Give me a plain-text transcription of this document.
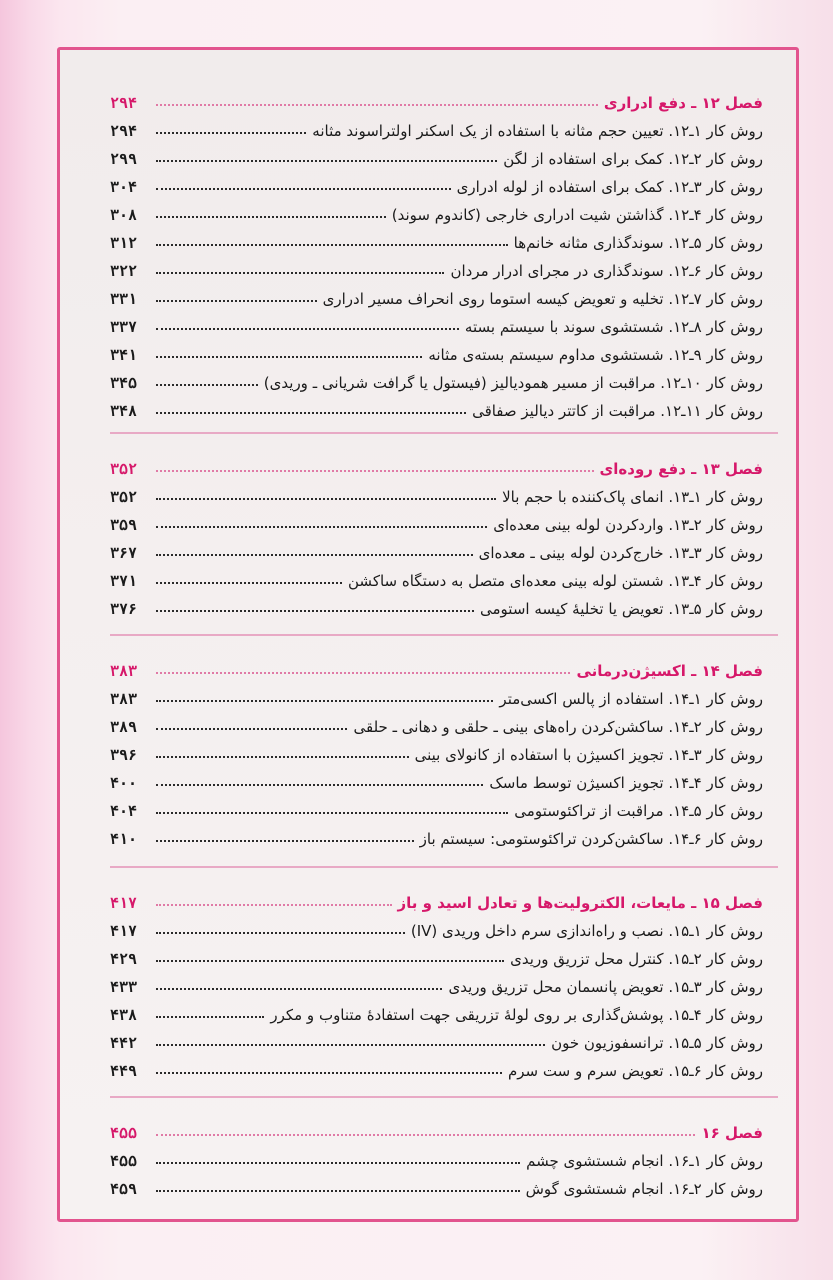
فصل ۱۲ ـ دفع ادراری
۲۹۴
روش کار ۱ـ۱۲. تعیین حجم مثانه با استفاده از یک اسکنر اولتراسوند مثانه
۲۹۴
روش کار ۲ـ۱۲. کمک برای استفاده از لگن
۲۹۹
روش کار ۳ـ۱۲. کمک برای استفاده از لوله ادراری
۳۰۴
روش کار ۴ـ۱۲. گذاشتن شیت ادراری خارجی (کاندوم سوند)
۳۰۸
روش کار ۵ـ۱۲. سوندگذاری مثانه خانم‌ها
۳۱۲
روش کار ۶ـ۱۲. سوندگذاری در مجرای ادرار مردان
۳۲۲
روش کار ۷ـ۱۲. تخلیه و تعویض کیسه استوما روی انحراف مسیر ادراری
۳۳۱
روش کار ۸ـ۱۲. شستشوی سوند با سیستم بسته
۳۳۷
روش کار ۹ـ۱۲. شستشوی مداوم سیستم بسته‌ی مثانه
۳۴۱
روش کار ۱۰ـ۱۲. مراقبت از مسیر همودیالیز (فیستول یا گرافت شریانی ـ وریدی)
۳۴۵
روش کار ۱۱ـ۱۲. مراقبت از کاتتر دیالیز صفاقی
۳۴۸
فصل ۱۳ ـ دفع روده‌ای
۳۵۲
روش کار ۱ـ۱۳. انمای پاک‌کننده با حجم بالا
۳۵۲
روش کار ۲ـ۱۳. واردکردن لوله بینی معده‌ای
۳۵۹
روش کار ۳ـ۱۳. خارج‌کردن لوله بینی ـ معده‌ای
۳۶۷
روش کار ۴ـ۱۳. شستن لوله بینی معده‌ای متصل به دستگاه ساکشن
۳۷۱
روش کار ۵ـ۱۳. تعویض یا تخلیهٔ کیسه استومی
۳۷۶
فصل ۱۴ ـ اکسیژن‌درمانی
۳۸۳
روش کار ۱ـ۱۴. استفاده از پالس اکسی‌متر
۳۸۳
روش کار ۲ـ۱۴. ساکشن‌کردن راه‌های بینی ـ حلقی و دهانی ـ حلقی
۳۸۹
روش کار ۳ـ۱۴. تجویز اکسیژن با استفاده از کانولای بینی
۳۹۶
روش کار ۴ـ۱۴. تجویز اکسیژن توسط ماسک
۴۰۰
روش کار ۵ـ۱۴. مراقبت از تراکئوستومی
۴۰۴
روش کار ۶ـ۱۴. ساکشن‌کردن تراکئوستومی: سیستم باز
۴۱۰
فصل ۱۵ ـ مایعات، الکترولیت‌ها و تعادل اسید و باز
۴۱۷
روش کار ۱ـ۱۵. نصب و راه‌اندازی سرم داخل وریدی (IV)
۴۱۷
روش کار ۲ـ۱۵. کنترل محل تزریق وریدی
۴۲۹
روش کار ۳ـ۱۵. تعویض پانسمان محل تزریق وریدی
۴۳۳
روش کار ۴ـ۱۵. پوشش‌گذاری بر روی لولهٔ تزریقی جهت استفادهٔ متناوب و مکرر
۴۳۸
روش کار ۵ـ۱۵. ترانسفوزیون خون
۴۴۲
روش کار ۶ـ۱۵. تعویض سرم و ست سرم
۴۴۹
فصل ۱۶
۴۵۵
روش کار ۱ـ۱۶. انجام شستشوی چشم
۴۵۵
روش کار ۲ـ۱۶. انجام شستشوی گوش
۴۵۹
